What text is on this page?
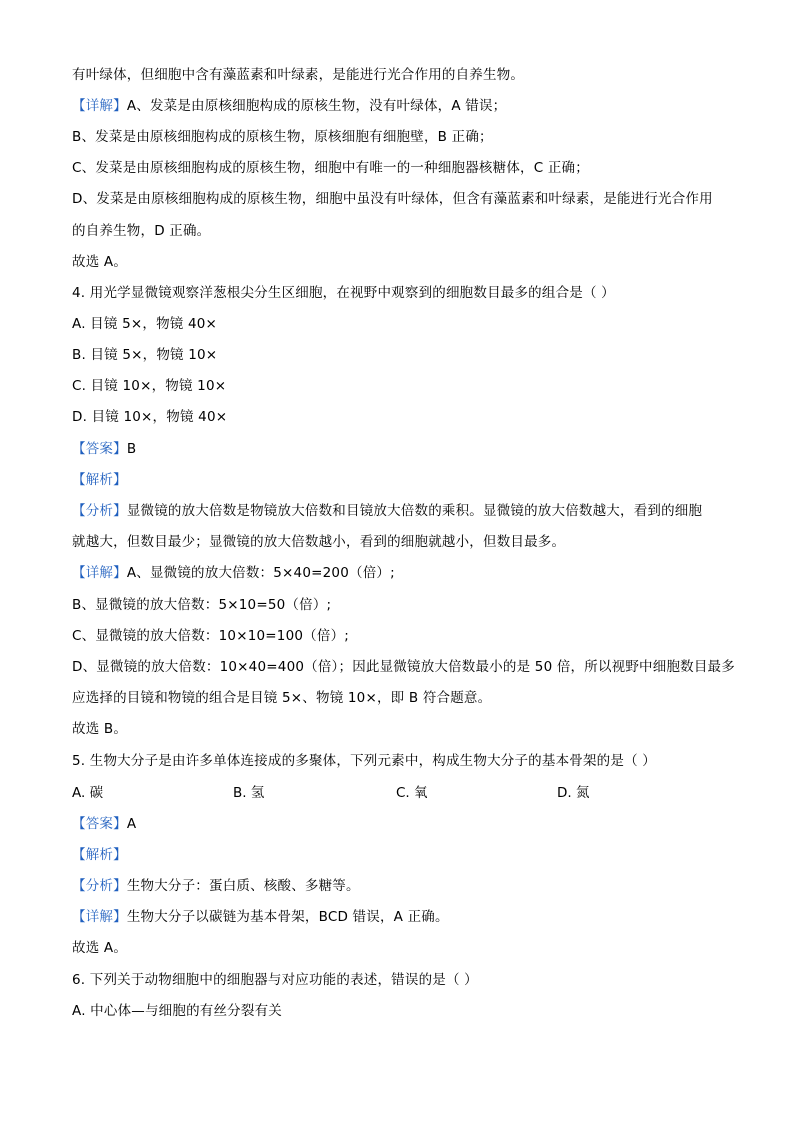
有叶绿体，但细胞中含有藻蓝素和叶绿素，是能进行光合作用的自养生物。
【详解】A、发菜是由原核细胞构成的原核生物，没有叶绿体，A 错误；
B、发菜是由原核细胞构成的原核生物，原核细胞有细胞壁，B 正确；
C、发菜是由原核细胞构成的原核生物，细胞中有唯一的一种细胞器核糖体，C 正确；
D、发菜是由原核细胞构成的原核生物，细胞中虽没有叶绿体，但含有藻蓝素和叶绿素，是能进行光合作用
的自养生物，D 正确。
故选 A。
4. 用光学显微镜观察洋葱根尖分生区细胞，在视野中观察到的细胞数目最多的组合是（ ）
A. 目镜 5×，物镜 40×
B. 目镜 5×，物镜 10×
C. 目镜 10×，物镜 10×
D. 目镜 10×，物镜 40×
【答案】B
【解析】
【分析】显微镜的放大倍数是物镜放大倍数和目镜放大倍数的乘积。显微镜的放大倍数越大，看到的细胞
就越大，但数目最少；显微镜的放大倍数越小，看到的细胞就越小，但数目最多。
【详解】A、显微镜的放大倍数：5×40=200（倍）;
B、显微镜的放大倍数：5×10=50（倍）;
C、显微镜的放大倍数：10×10=100（倍）;
D、显微镜的放大倍数：10×40=400（倍）；因此显微镜放大倍数最小的是 50 倍，所以视野中细胞数目最多
应选择的目镜和物镜的组合是目镜 5×、物镜 10×，即 B 符合题意。
故选 B。
5. 生物大分子是由许多单体连接成的多聚体，下列元素中，构成生物大分子的基本骨架的是（ ）
A. 碳	B. 氢	C. 氧	D. 氮
【答案】A
【解析】
【分析】生物大分子：蛋白质、核酸、多糖等。
【详解】生物大分子以碳链为基本骨架，BCD 错误，A 正确。
故选 A。
6. 下列关于动物细胞中的细胞器与对应功能的表述，错误的是（ ）
A. 中心体—与细胞的有丝分裂有关
